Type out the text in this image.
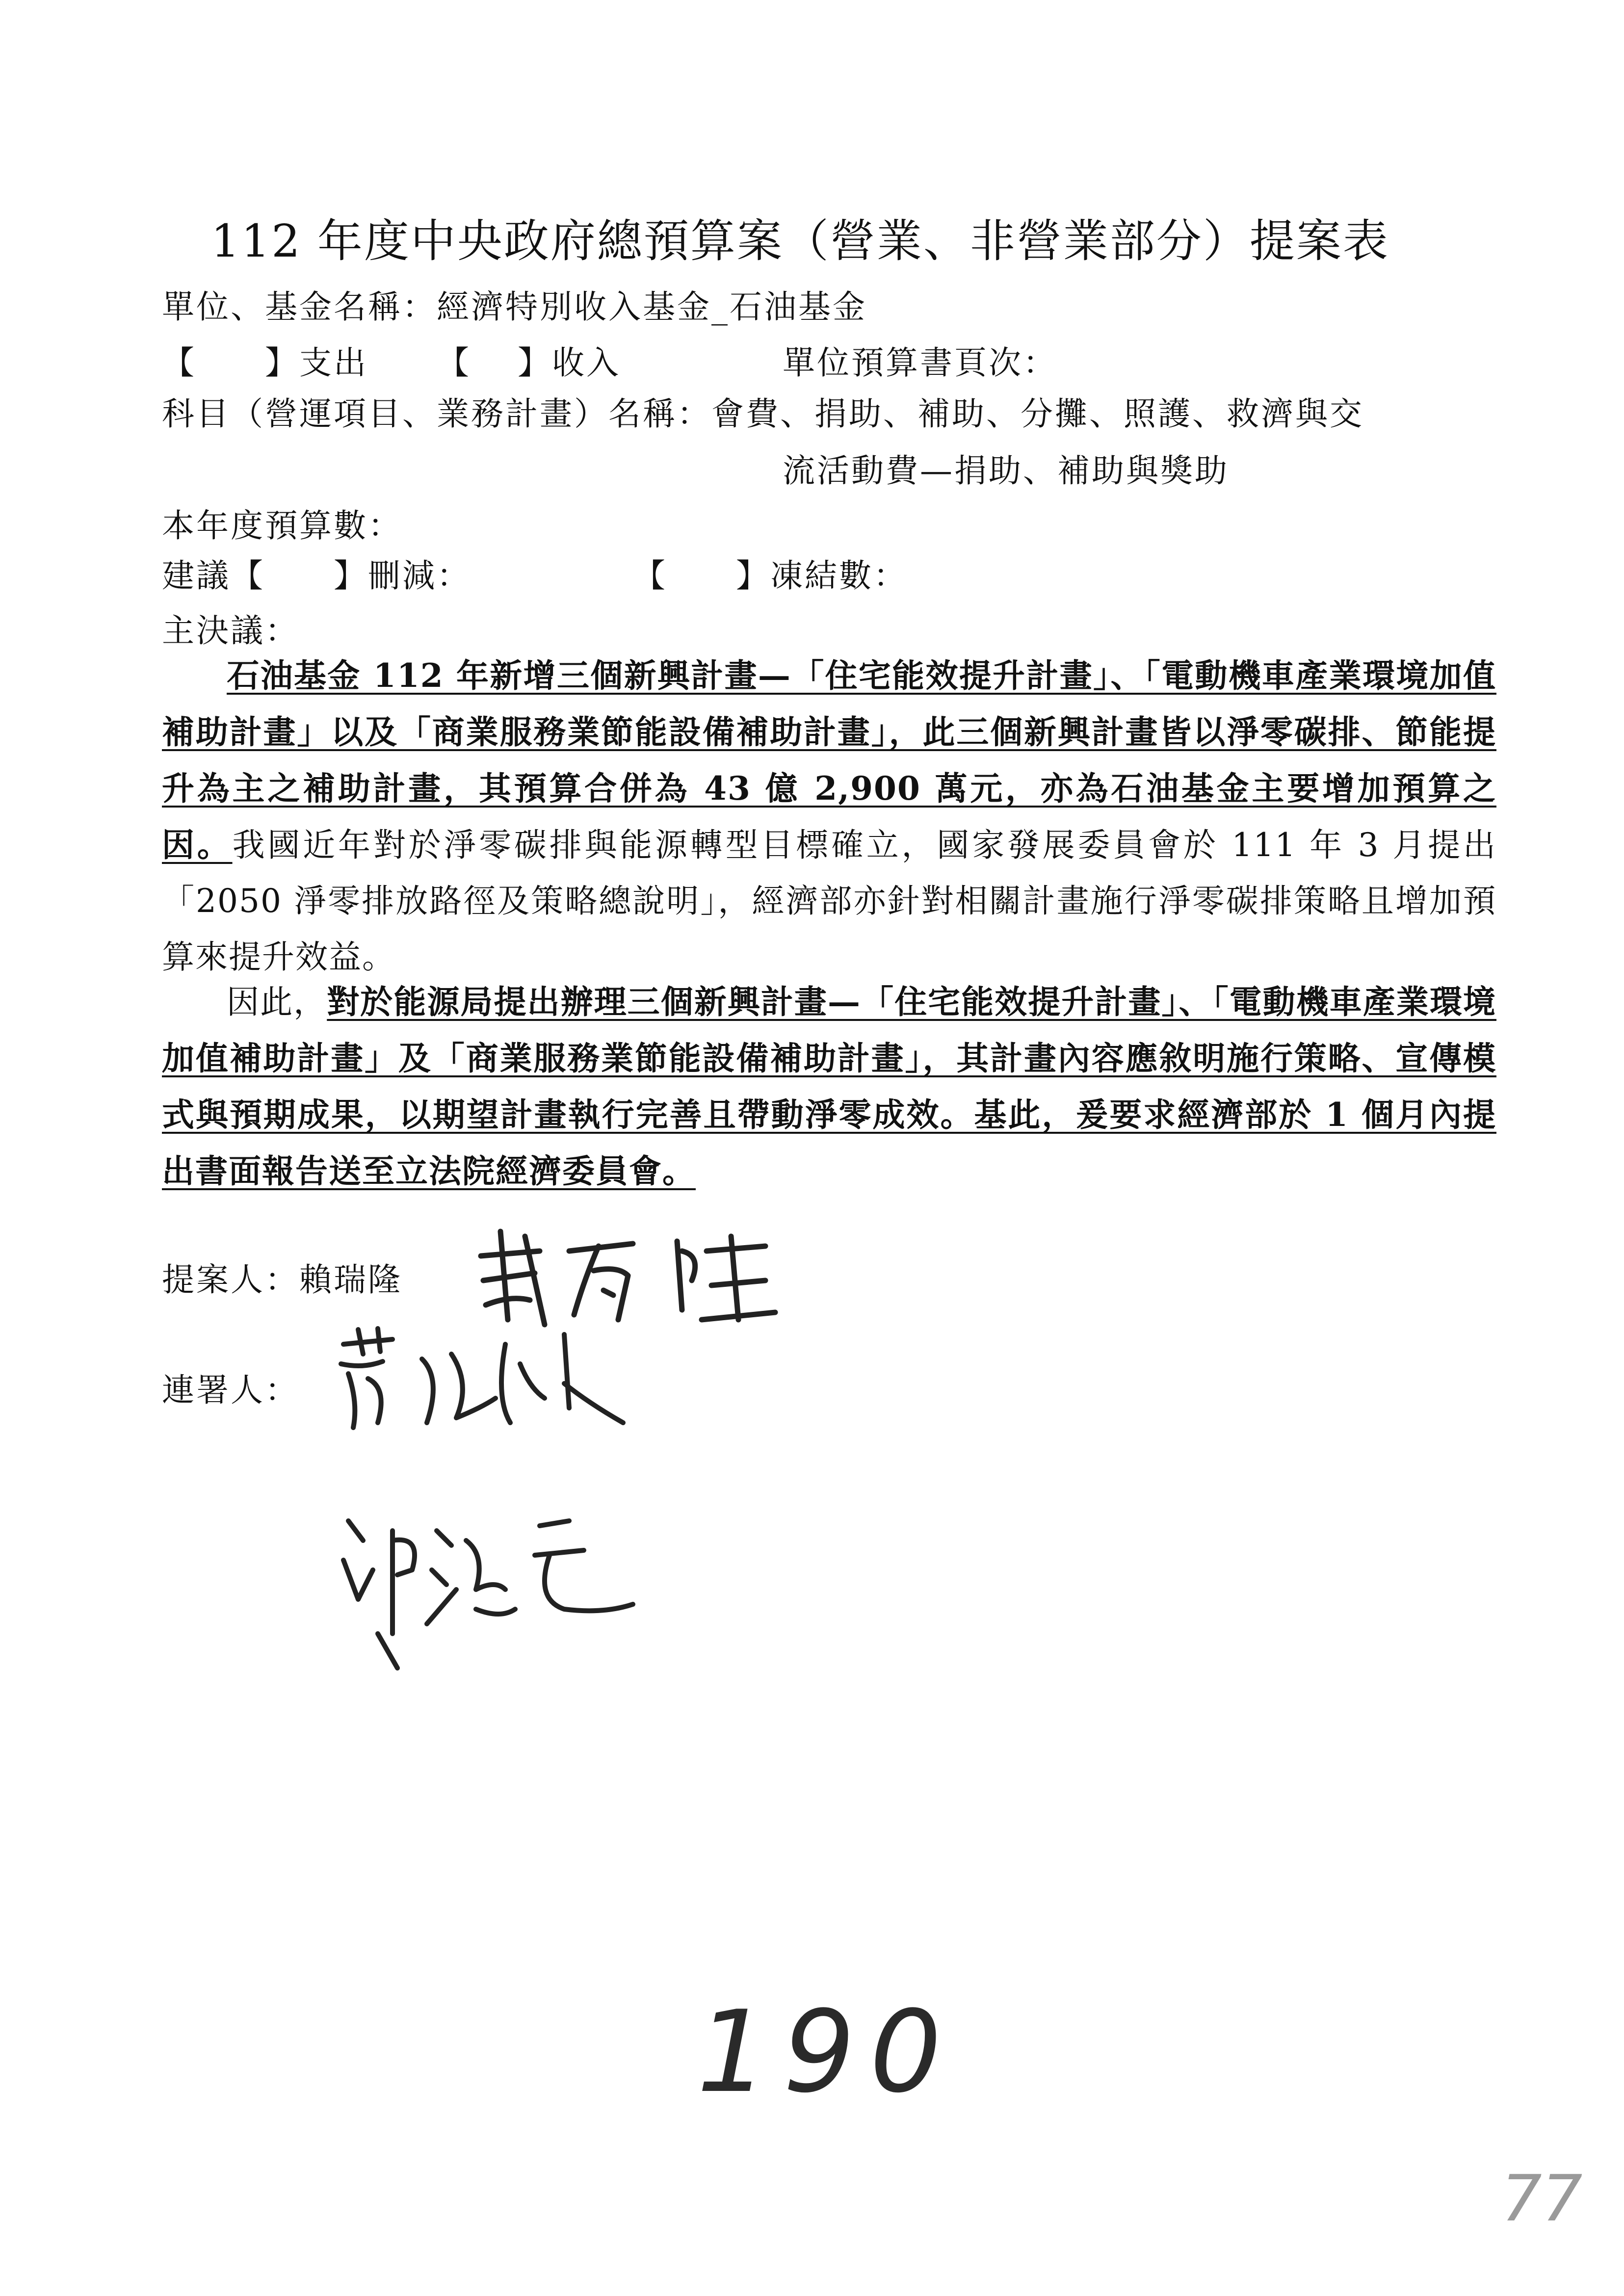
112 年度中央政府總預算案（營業、非營業部分）提案表
單位、基金名稱：經濟特別收入基金_石油基金
【　　】支出 【　 】收入	單位預算書頁次：
科目（營運項目、業務計畫）名稱：會費、捐助、補助、分攤、照護、救濟與交
流活動費—捐助、補助與獎助
本年度預算數：
建議【　　】刪減：	【　　】凍結數：
主決議：
石油基金 112 年新增三個新興計畫—「住宅能效提升計畫」、「電動機車產業環境加值補助計畫」以及「商業服務業節能設備補助計畫」，此三個新興計畫皆以淨零碳排、節能提升為主之補助計畫，其預算合併為 43 億 2,900 萬元，亦為石油基金主要增加預算之因。我國近年對於淨零碳排與能源轉型目標確立，國家發展委員會於 111 年 3 月提出「2050 淨零排放路徑及策略總說明」，經濟部亦針對相關計畫施行淨零碳排策略且增加預算來提升效益。
因此，對於能源局提出辦理三個新興計畫—「住宅能效提升計畫」、「電動機車產業環境加值補助計畫」及「商業服務業節能設備補助計畫」，其計畫內容應敘明施行策略、宣傳模式與預期成果，以期望計畫執行完善且帶動淨零成效。基此，爰要求經濟部於 1 個月內提出書面報告送至立法院經濟委員會。
提案人：賴瑞隆
連署人：
190
77
